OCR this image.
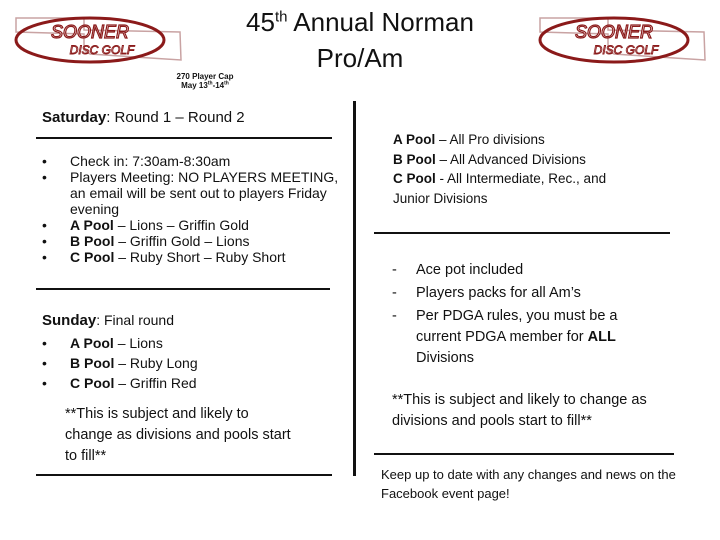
SOONER
DISC GOLF
SOONER
DISC GOLF
45th Annual Norman
Pro/Am
270 Player Cap
May 13th-14th
Saturday: Round 1 – Round 2
• Check in: 7:30am-8:30am
• Players Meeting: NO PLAYERS MEETING, an email will be sent out to players Friday evening
• A Pool – Lions – Griffin Gold
• B Pool – Griffin Gold – Lions
• C Pool – Ruby Short – Ruby Short
Sunday: Final round
• A Pool – Lions
• B Pool – Ruby Long
• C Pool – Griffin Red
**This is subject and likely to change as divisions and pools start to fill**
A Pool – All Pro divisions
B Pool – All Advanced Divisions
C Pool - All Intermediate, Rec., and Junior Divisions
- Ace pot included
- Players packs for all Am’s
- Per PDGA rules, you must be a current PDGA member for ALL Divisions
**This is subject and likely to change as divisions and pools start to fill**
Keep up to date with any changes and news on the Facebook event page!
